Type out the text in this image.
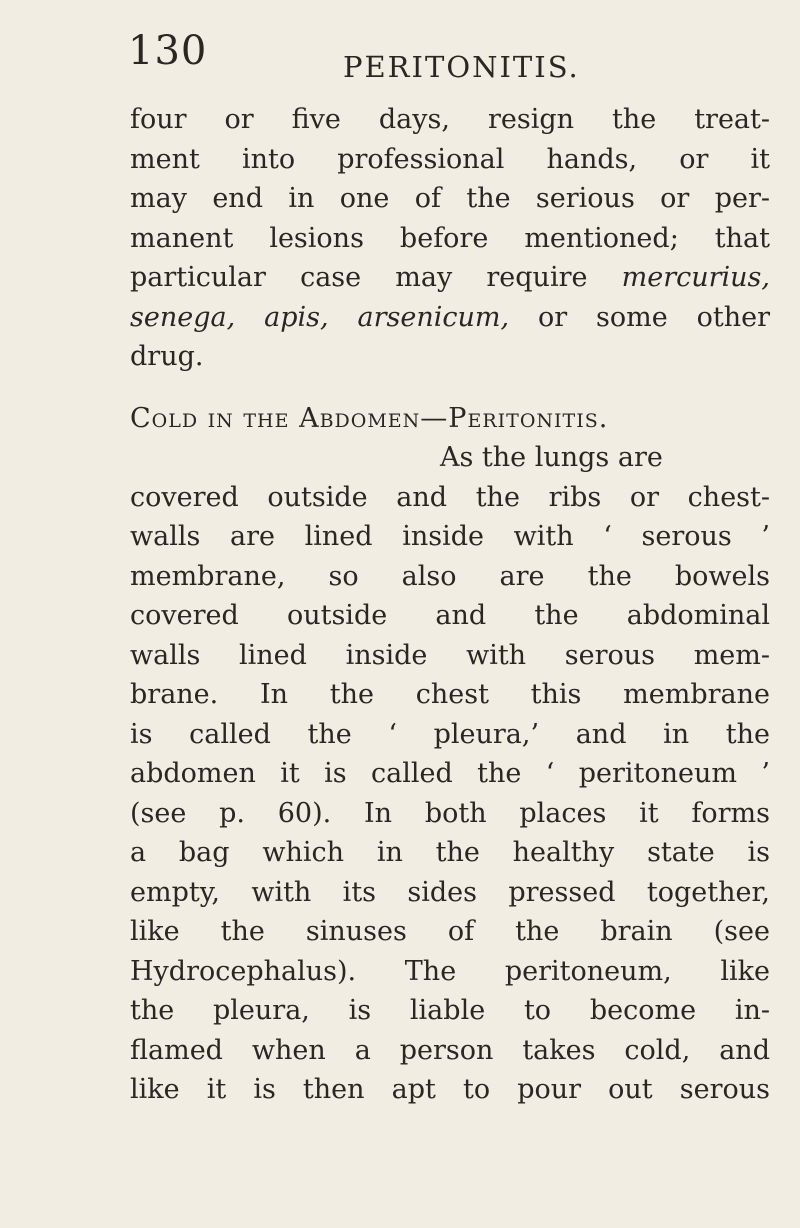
130	PERITONITIS.
four or five days, resign the treat-
ment into professional hands, or it
may end in one of the serious or per-
manent lesions before mentioned; that
particular case may require mercurius,
senega, apis, arsenicum, or some other
drug.
Cold in the Abdomen—Peritonitis.
As the lungs are
covered outside and the ribs or chest-
walls are lined inside with ‘ serous ’
membrane, so also are the bowels
covered outside and the abdominal
walls lined inside with serous mem-
brane. In the chest this membrane
is called the ‘ pleura,’ and in the
abdomen it is called the ‘ peritoneum ’
(see p. 60). In both places it forms
a bag which in the healthy state is
empty, with its sides pressed together,
like the sinuses of the brain (see
Hydrocephalus). The peritoneum, like
the pleura, is liable to become in-
flamed when a person takes cold, and
like it is then apt to pour out serous
